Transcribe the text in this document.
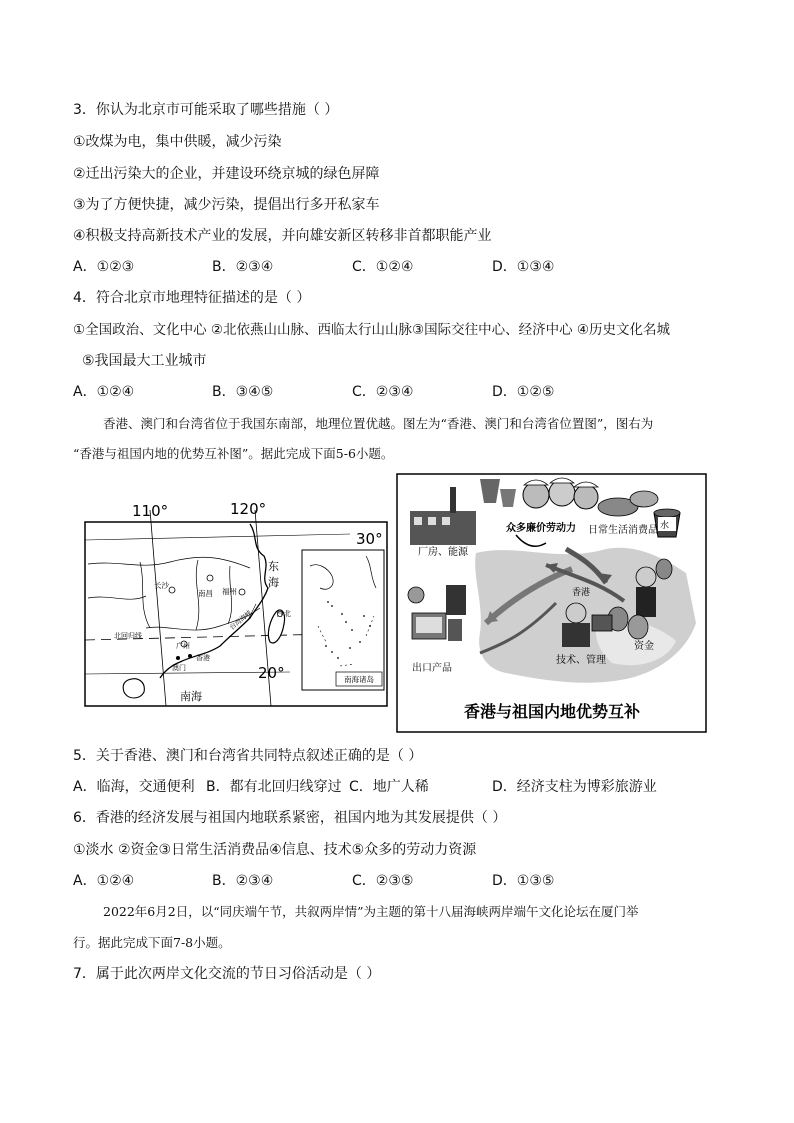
3．你认为北京市可能采取了哪些措施（ ）
①改煤为电，集中供暖，减少污染
②迁出污染大的企业，并建设环绕京城的绿色屏障
③为了方便快捷，减少污染，提倡出行多开私家车
④积极支持高新技术产业的发展，并向雄安新区转移非首都职能产业
A．①②③	B．②③④	C．①②④	D．①③④
4．符合北京市地理特征描述的是（ ）
①全国政治、文化中心 ②北依燕山山脉、西临太行山山脉③国际交往中心、经济中心 ④历史文化名城
⑤我国最大工业城市
A．①②④	B．③④⑤	C．②③④	D．①②⑤
香港、澳门和台湾省位于我国东南部，地理位置优越。图左为“香港、澳门和台湾省位置图”，图右为
“香港与祖国内地的优势互补图”。据此完成下面5-6小题。
南海诸岛
110°	120°
30°
20°
东
海
南海
长沙
南昌 福州
台北
广州
香港
澳门
北回归线
台湾海峡
众多廉价劳动力 日常生活消费品 水
厂房、能源
香港
资金
技术、管理
出口产品
香港与祖国内地优势互补
5．关于香港、澳门和台湾省共同特点叙述正确的是（ ）
A．临海，交通便利 B．都有北回归线穿过 C．地广人稀	D．经济支柱为博彩旅游业
6．香港的经济发展与祖国内地联系紧密，祖国内地为其发展提供（ ）
①淡水 ②资金③日常生活消费品④信息、技术⑤众多的劳动力资源
A．①②④	B．②③④	C．②③⑤	D．①③⑤
2022年6月2日，以“同庆端午节，共叙两岸情”为主题的第十八届海峡两岸端午文化论坛在厦门举
行。据此完成下面7-8小题。
7．属于此次两岸文化交流的节日习俗活动是（ ）
